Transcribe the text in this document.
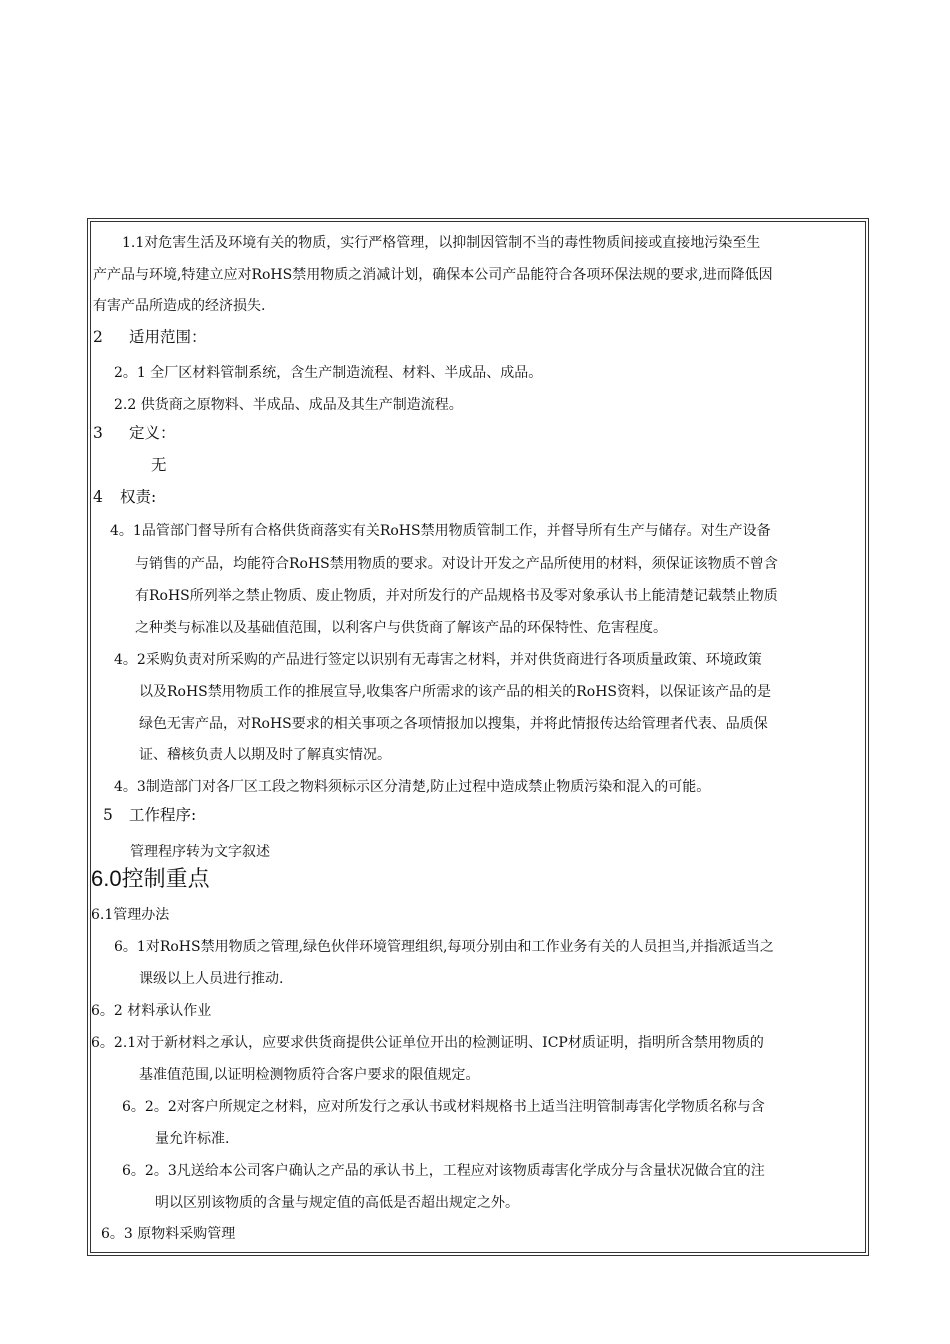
1.1对危害生活及环境有关的物质，实行严格管理，以抑制因管制不当的毒性物质间接或直接地污染至生
产产品与环境,特建立应对RoHS禁用物质之消减计划，确保本公司产品能符合各项环保法规的要求,进而降低因
有害产品所造成的经济损失.
2 适用范围：
2。1 全厂区材料管制系统，含生产制造流程、材料、半成品、成品。
2.2 供货商之原物料、半成品、成品及其生产制造流程。
3 定义：
无
4 权责:
4。1品管部门督导所有合格供货商落实有关RoHS禁用物质管制工作，并督导所有生产与储存。对生产设备
与销售的产品，均能符合RoHS禁用物质的要求。对设计开发之产品所使用的材料，须保证该物质不曾含
有RoHS所列举之禁止物质、废止物质，并对所发行的产品规格书及零对象承认书上能清楚记载禁止物质
之种类与标准以及基础值范围，以利客户与供货商了解该产品的环保特性、危害程度。
4。2采购负责对所采购的产品进行签定以识别有无毒害之材料，并对供货商进行各项质量政策、环境政策
以及RoHS禁用物质工作的推展宣导,收集客户所需求的该产品的相关的RoHS资料，以保证该产品的是
绿色无害产品，对RoHS要求的相关事项之各项情报加以搜集，并将此情报传达给管理者代表、品质保
证、稽核负责人以期及时了解真实情况。
4。3制造部门对各厂区工段之物料须标示区分清楚,防止过程中造成禁止物质污染和混入的可能。
5 工作程序:
管理程序转为文字叙述
6.0控制重点
6.1管理办法
6。1对RoHS禁用物质之管理,绿色伙伴环境管理组织,每项分别由和工作业务有关的人员担当,并指派适当之
课级以上人员进行推动.
6。2 材料承认作业
6。2.1对于新材料之承认，应要求供货商提供公证单位开出的检测证明、ICP材质证明，指明所含禁用物质的
基准值范围,以证明检测物质符合客户要求的限值规定。
6。2。2对客户所规定之材料，应对所发行之承认书或材料规格书上适当注明管制毒害化学物质名称与含
量允许标准.
6。2。3凡送给本公司客户确认之产品的承认书上，工程应对该物质毒害化学成分与含量状况做合宜的注
明以区别该物质的含量与规定值的高低是否超出规定之外。
6。3 原物料采购管理
